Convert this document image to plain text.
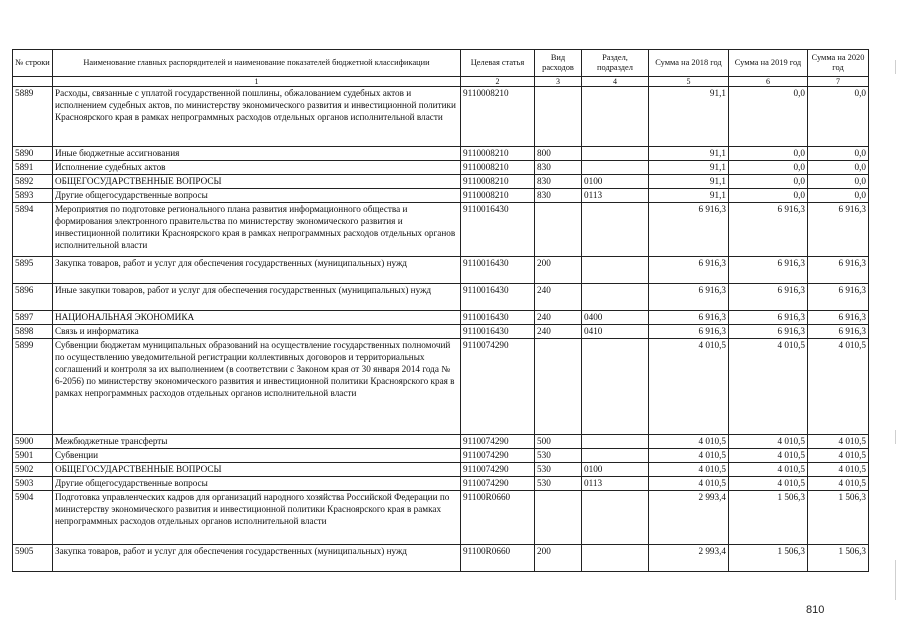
№ строки	Наименование главных распорядителей и наименование показателей бюджетной классификации	Целевая статья	Вид расходов	Раздел, подраздел	Сумма на 2018 год	Сумма на 2019 год	Сумма на 2020 год
	1	2	3	4	5	6	7
5889	Расходы, связанные с уплатой государственной пошлины, обжалованием судебных актов и исполнением судебных актов, по министерству экономического развития и инвестиционной политики Красноярского края в рамках непрограммных расходов отдельных органов исполнительной власти	9110008210			91,1	0,0	0,0
5890	Иные бюджетные ассигнования	9110008210	800		91,1	0,0	0,0
5891	Исполнение судебных актов	9110008210	830		91,1	0,0	0,0
5892	ОБЩЕГОСУДАРСТВЕННЫЕ ВОПРОСЫ	9110008210	830	0100	91,1	0,0	0,0
5893	Другие общегосударственные вопросы	9110008210	830	0113	91,1	0,0	0,0
5894	Мероприятия по подготовке регионального плана развития информационного общества и формирования электронного правительства по министерству экономического развития и инвестиционной политики Красноярского края в рамках непрограммных расходов отдельных органов исполнительной власти	9110016430			6 916,3	6 916,3	6 916,3
5895	Закупка товаров, работ и услуг для обеспечения государственных (муниципальных) нужд	9110016430	200		6 916,3	6 916,3	6 916,3
5896	Иные закупки товаров, работ и услуг для обеспечения государственных (муниципальных) нужд	9110016430	240		6 916,3	6 916,3	6 916,3
5897	НАЦИОНАЛЬНАЯ ЭКОНОМИКА	9110016430	240	0400	6 916,3	6 916,3	6 916,3
5898	Связь и информатика	9110016430	240	0410	6 916,3	6 916,3	6 916,3
5899	Субвенции бюджетам муниципальных образований на осуществление государственных полномочий по осуществлению уведомительной регистрации коллективных договоров и территориальных соглашений и контроля за их выполнением (в соответствии с Законом края от 30 января 2014 года № 6-2056) по министерству экономического развития и инвестиционной политики Красноярского края в рамках непрограммных расходов отдельных органов исполнительной власти	9110074290			4 010,5	4 010,5	4 010,5
5900	Межбюджетные трансферты	9110074290	500		4 010,5	4 010,5	4 010,5
5901	Субвенции	9110074290	530		4 010,5	4 010,5	4 010,5
5902	ОБЩЕГОСУДАРСТВЕННЫЕ ВОПРОСЫ	9110074290	530	0100	4 010,5	4 010,5	4 010,5
5903	Другие общегосударственные вопросы	9110074290	530	0113	4 010,5	4 010,5	4 010,5
5904	Подготовка управленческих кадров для организаций народного хозяйства Российской Федерации по министерству экономического развития и инвестиционной политики Красноярского края в рамках непрограммных расходов отдельных органов исполнительной власти	91100R0660			2 993,4	1 506,3	1 506,3
5905	Закупка товаров, работ и услуг для обеспечения государственных (муниципальных) нужд	91100R0660	200		2 993,4	1 506,3	1 506,3
810
